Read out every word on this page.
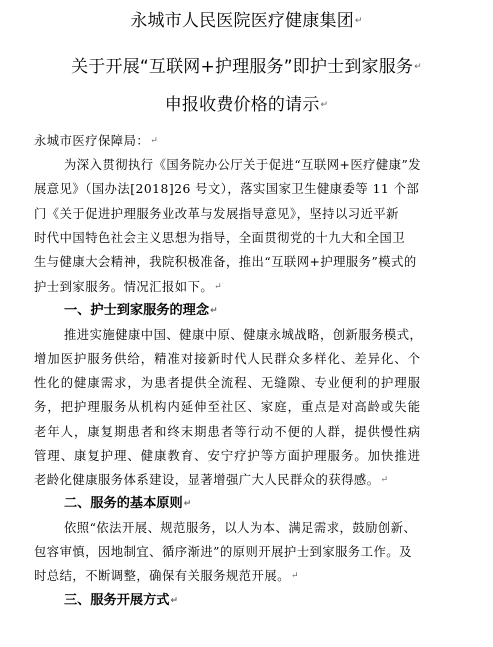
永城市人民医院医疗健康集团↵
关于开展“互联网+护理服务”即护士到家服务↵
申报收费价格的请示↵
永城市医疗保障局：↵
为深入贯彻执行《国务院办公厅关于促进“互联网+医疗健康”发
展意见》（国办法[2018]26 号文），落实国家卫生健康委等 11 个部
门《关于促进护理服务业改革与发展指导意见》，坚持以习近平新
时代中国特色社会主义思想为指导，全面贯彻党的十九大和全国卫
生与健康大会精神，我院积极准备，推出“互联网+护理服务”模式的
护士到家服务。情况汇报如下。↵
一、护士到家服务的理念↵
推进实施健康中国、健康中原、健康永城战略，创新服务模式，
增加医护服务供给，精准对接新时代人民群众多样化、差异化、个
性化的健康需求，为患者提供全流程、无缝隙、专业便利的护理服
务，把护理服务从机构内延伸至社区、家庭，重点是对高龄或失能
老年人，康复期患者和终末期患者等行动不便的人群，提供慢性病
管理、康复护理、健康教育、安宁疗护等方面护理服务。加快推进
老龄化健康服务体系建设，显著增强广大人民群众的获得感。↵
二、服务的基本原则↵
依照“依法开展、规范服务，以人为本、满足需求，鼓励创新、
包容审慎，因地制宜、循序渐进”的原则开展护士到家服务工作。及
时总结，不断调整，确保有关服务规范开展。↵
三、服务开展方式↵
